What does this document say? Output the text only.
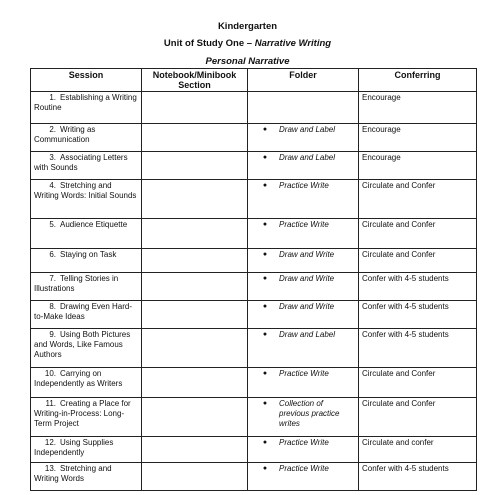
Kindergarten
Unit of Study One – Narrative Writing
Personal Narrative
Session	Notebook/Minibook Section	Folder	Conferring
1. Establishing a Writing Routine			Encourage
2. Writing as Communication		● Draw and Label	Encourage
3. Associating Letters with Sounds		● Draw and Label	Encourage
4. Stretching and Writing Words: Initial Sounds		● Practice Write	Circulate and Confer
5. Audience Etiquette		● Practice Write	Circulate and Confer
6. Staying on Task		● Draw and Write	Circulate and Confer
7. Telling Stories in Illustrations		● Draw and Write	Confer with 4-5 students
8. Drawing Even Hard-to-Make Ideas		● Draw and Write	Confer with 4-5 students
9. Using Both Pictures and Words, Like Famous Authors		● Draw and Label	Confer with 4-5 students
10. Carrying on Independently as Writers		● Practice Write	Circulate and Confer
11. Creating a Place for Writing-in-Process: Long-Term Project		● Collection of previous practice writes	Circulate and Confer
12. Using Supplies Independently		● Practice Write	Circulate and confer
13. Stretching and Writing Words		● Practice Write	Confer with 4-5 students
